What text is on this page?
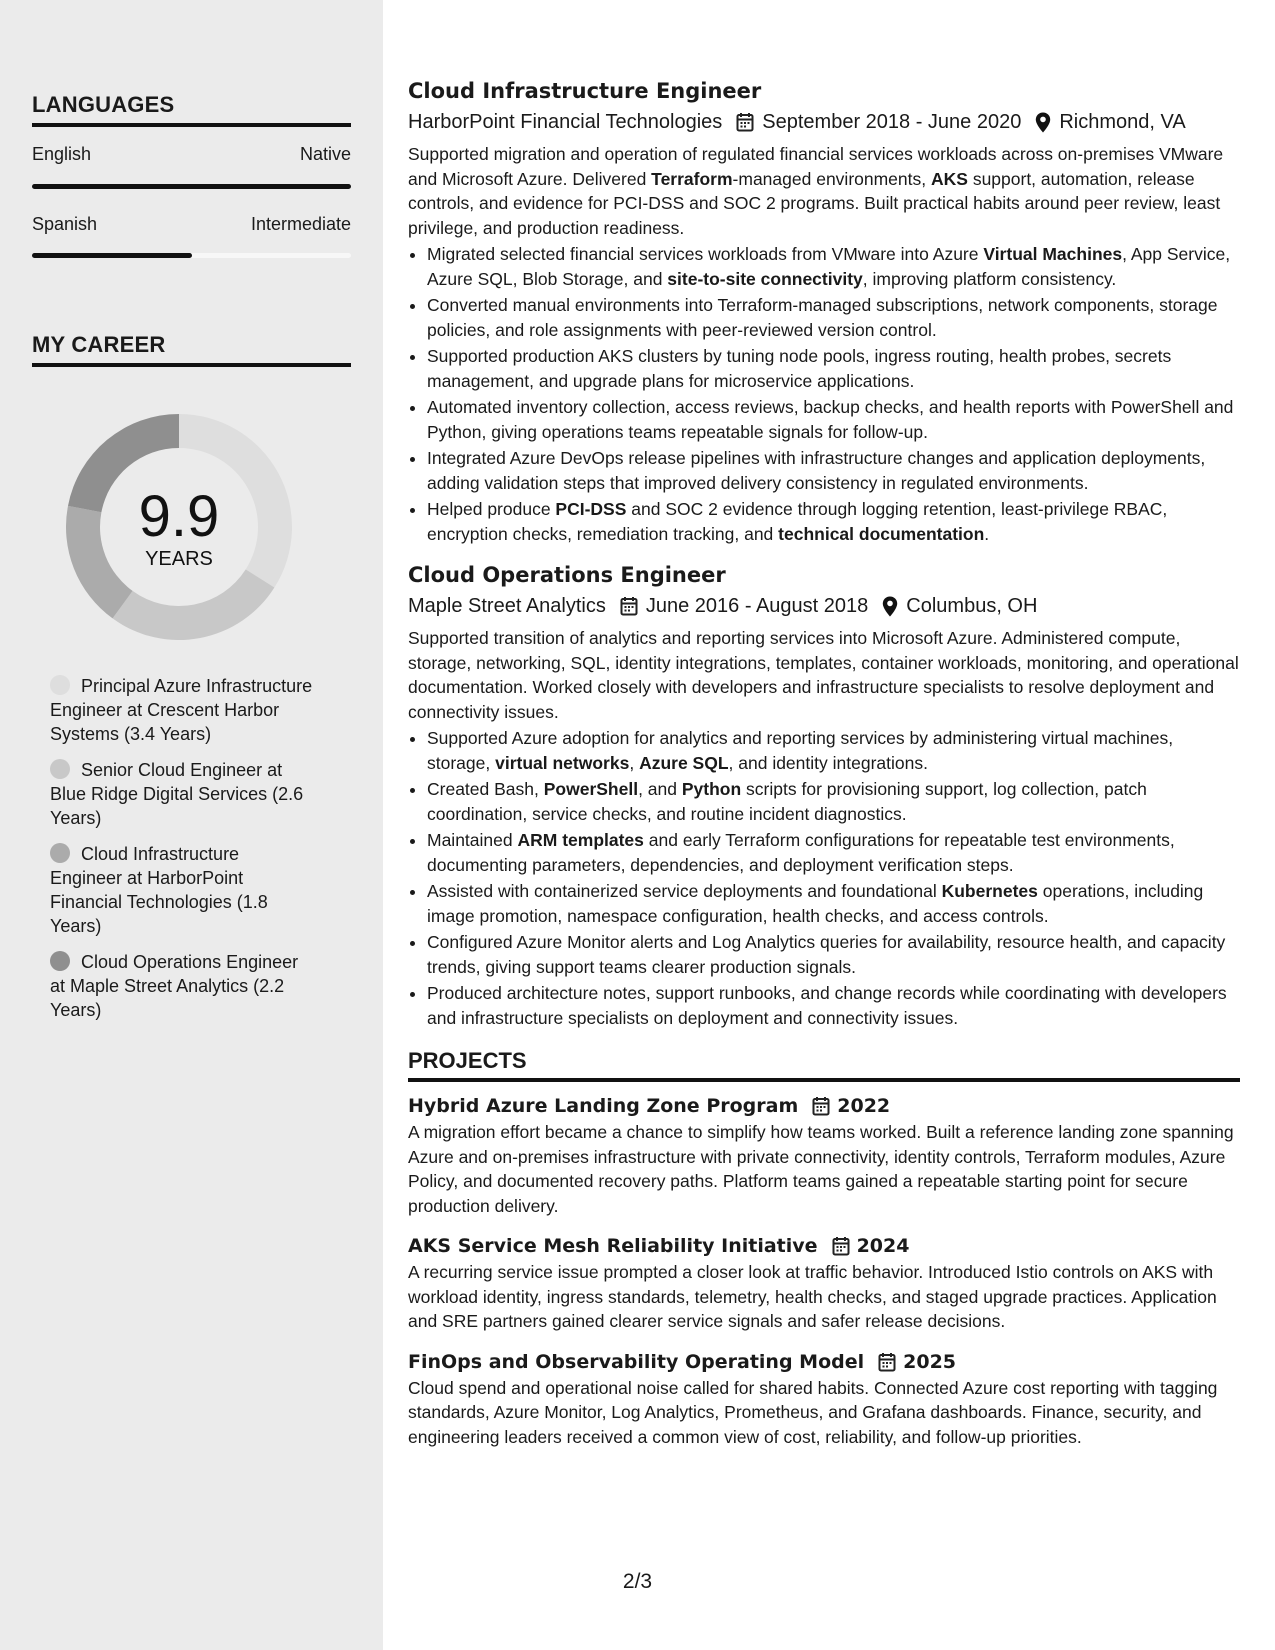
LANGUAGES
English	Native
Spanish	Intermediate
MY CAREER
9.9
YEARS
Principal Azure Infrastructure Engineer at Crescent Harbor Systems (3.4 Years)
Senior Cloud Engineer at Blue Ridge Digital Services (2.6 Years)
Cloud Infrastructure Engineer at HarborPoint Financial Technologies (1.8 Years)
Cloud Operations Engineer at Maple Street Analytics (2.2 Years)
Cloud Infrastructure Engineer
HarborPoint Financial Technologies September 2018 - June 2020 Richmond, VA

Supported migration and operation of regulated financial services workloads across on-premises VMware and Microsoft Azure. Delivered Terraform-managed environments, AKS support, automation, release controls, and evidence for PCI-DSS and SOC 2 programs. Built practical habits around peer review, least privilege, and production readiness.

• Migrated selected financial services workloads from VMware into Azure Virtual Machines, App Service, Azure SQL, Blob Storage, and site-to-site connectivity, improving platform consistency.
• Converted manual environments into Terraform-managed subscriptions, network components, storage policies, and role assignments with peer-reviewed version control.
• Supported production AKS clusters by tuning node pools, ingress routing, health probes, secrets management, and upgrade plans for microservice applications.
• Automated inventory collection, access reviews, backup checks, and health reports with PowerShell and Python, giving operations teams repeatable signals for follow-up.
• Integrated Azure DevOps release pipelines with infrastructure changes and application deployments, adding validation steps that improved delivery consistency in regulated environments.
• Helped produce PCI-DSS and SOC 2 evidence through logging retention, least-privilege RBAC, encryption checks, remediation tracking, and technical documentation.
Cloud Operations Engineer
Maple Street Analytics June 2016 - August 2018 Columbus, OH

Supported transition of analytics and reporting services into Microsoft Azure. Administered compute, storage, networking, SQL, identity integrations, templates, container workloads, monitoring, and operational documentation. Worked closely with developers and infrastructure specialists to resolve deployment and connectivity issues.

• Supported Azure adoption for analytics and reporting services by administering virtual machines, storage, virtual networks, Azure SQL, and identity integrations.
• Created Bash, PowerShell, and Python scripts for provisioning support, log collection, patch coordination, service checks, and routine incident diagnostics.
• Maintained ARM templates and early Terraform configurations for repeatable test environments, documenting parameters, dependencies, and deployment verification steps.
• Assisted with containerized service deployments and foundational Kubernetes operations, including image promotion, namespace configuration, health checks, and access controls.
• Configured Azure Monitor alerts and Log Analytics queries for availability, resource health, and capacity trends, giving support teams clearer production signals.
• Produced architecture notes, support runbooks, and change records while coordinating with developers and infrastructure specialists on deployment and connectivity issues.
PROJECTS
Hybrid Azure Landing Zone Program 2022

A migration effort became a chance to simplify how teams worked. Built a reference landing zone spanning Azure and on-premises infrastructure with private connectivity, identity controls, Terraform modules, Azure Policy, and documented recovery paths. Platform teams gained a repeatable starting point for secure production delivery.

AKS Service Mesh Reliability Initiative 2024

A recurring service issue prompted a closer look at traffic behavior. Introduced Istio controls on AKS with workload identity, ingress standards, telemetry, health checks, and staged upgrade practices. Application and SRE partners gained clearer service signals and safer release decisions.

FinOps and Observability Operating Model 2025

Cloud spend and operational noise called for shared habits. Connected Azure cost reporting with tagging standards, Azure Monitor, Log Analytics, Prometheus, and Grafana dashboards. Finance, security, and engineering leaders received a common view of cost, reliability, and follow-up priorities.

2/3
